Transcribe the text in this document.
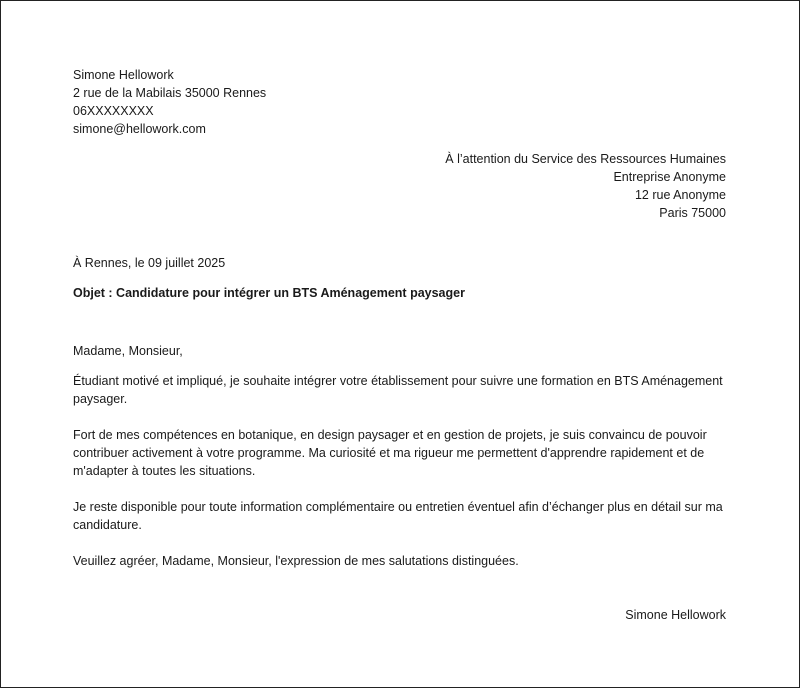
Simone Hellowork
2 rue de la Mabilais 35000 Rennes
06XXXXXXXX
simone@hellowork.com
À l’attention du Service des Ressources Humaines
Entreprise Anonyme
12 rue Anonyme
Paris 75000
À Rennes, le 09 juillet 2025
Objet : Candidature pour intégrer un BTS Aménagement paysager
Madame, Monsieur,

Étudiant motivé et impliqué, je souhaite intégrer votre établissement pour suivre une formation en BTS Aménagement paysager.

Fort de mes compétences en botanique, en design paysager et en gestion de projets, je suis convaincu de pouvoir contribuer activement à votre programme. Ma curiosité et ma rigueur me permettent d'apprendre rapidement et de m'adapter à toutes les situations.

Je reste disponible pour toute information complémentaire ou entretien éventuel afin d’échanger plus en détail sur ma candidature.

Veuillez agréer, Madame, Monsieur, l'expression de mes salutations distinguées.

Simone Hellowork
